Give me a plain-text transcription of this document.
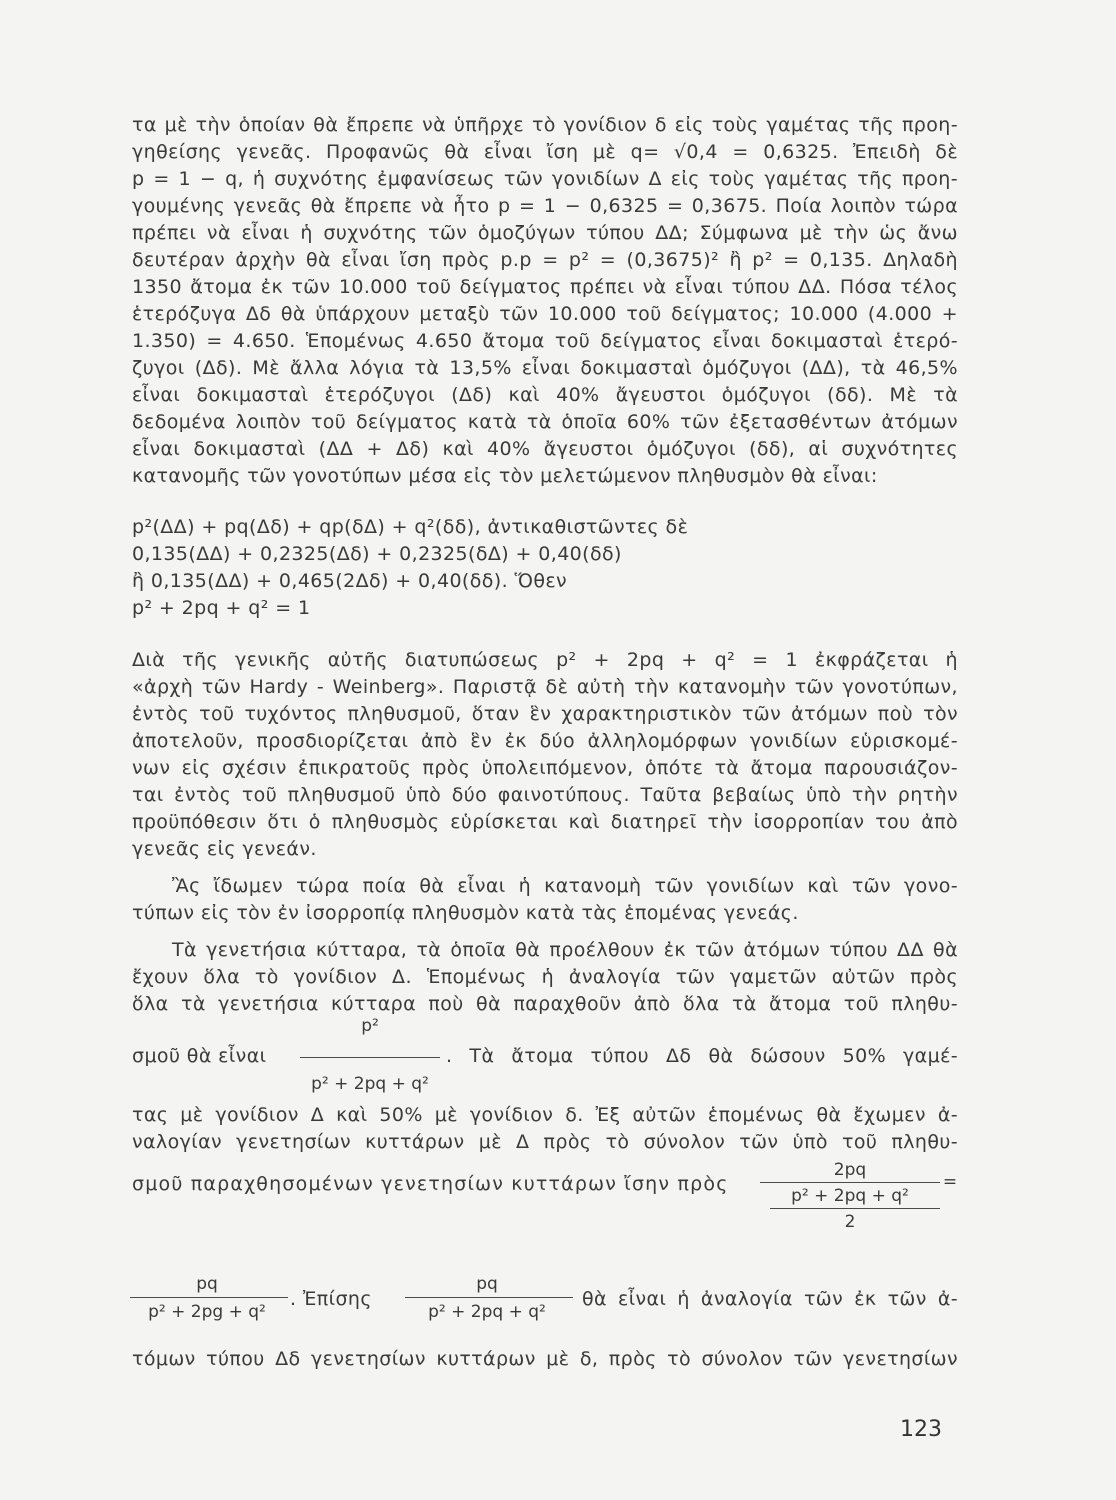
τα μὲ τὴν ὁποίαν θὰ ἔπρεπε νὰ ὑπῆρχε τὸ γονίδιον δ εἰς τοὺς γαμέτας τῆς προη-
γηθείσης γενεᾶς. Προφανῶς θὰ εἶναι ἴση μὲ q= √0,4 = 0,6325. Ἐπειδὴ δὲ
p = 1 − q, ἡ συχνότης ἐμφανίσεως τῶν γονιδίων Δ εἰς τοὺς γαμέτας τῆς προη-
γουμένης γενεᾶς θὰ ἔπρεπε νὰ ἦτο p = 1 − 0,6325 = 0,3675. Ποία λοιπὸν τώρα
πρέπει νὰ εἶναι ἡ συχνότης τῶν ὁμοζύγων τύπου ΔΔ; Σύμφωνα μὲ τὴν ὡς ἄνω
δευτέραν ἀρχὴν θὰ εἶναι ἴση πρὸς p.p = p² = (0,3675)² ἢ p² = 0,135. Δηλαδὴ
1350 ἄτομα ἐκ τῶν 10.000 τοῦ δείγματος πρέπει νὰ εἶναι τύπου ΔΔ. Πόσα τέλος
ἑτερόζυγα Δδ θὰ ὑπάρχουν μεταξὺ τῶν 10.000 τοῦ δείγματος; 10.000 (4.000 +
1.350) = 4.650. Ἑπομένως 4.650 ἄτομα τοῦ δείγματος εἶναι δοκιμασταὶ ἑτερό-
ζυγοι (Δδ). Μὲ ἄλλα λόγια τὰ 13,5% εἶναι δοκιμασταὶ ὁμόζυγοι (ΔΔ), τὰ 46,5%
εἶναι δοκιμασταὶ ἑτερόζυγοι (Δδ) καὶ 40% ἄγευστοι ὁμόζυγοι (δδ). Μὲ τὰ
δεδομένα λοιπὸν τοῦ δείγματος κατὰ τὰ ὁποῖα 60% τῶν ἐξετασθέντων ἀτόμων
εἶναι δοκιμασταὶ (ΔΔ + Δδ) καὶ 40% ἄγευστοι ὁμόζυγοι (δδ), αἱ συχνότητες
κατανομῆς τῶν γονοτύπων μέσα εἰς τὸν μελετώμενον πληθυσμὸν θὰ εἶναι:
p²(ΔΔ) + pq(Δδ) + qp(δΔ) + q²(δδ), ἀντικαθιστῶντες δὲ
0,135(ΔΔ) + 0,2325(Δδ) + 0,2325(δΔ) + 0,40(δδ)
ἢ 0,135(ΔΔ) + 0,465(2Δδ) + 0,40(δδ). Ὅθεν
p² + 2pq + q² = 1
Διὰ τῆς γενικῆς αὐτῆς διατυπώσεως p² + 2pq + q² = 1 ἐκφράζεται ἡ
«ἀρχὴ τῶν Hardy - Weinberg». Παριστᾷ δὲ αὐτὴ τὴν κατανομὴν τῶν γονοτύπων,
ἐντὸς τοῦ τυχόντος πληθυσμοῦ, ὅταν ἓν χαρακτηριστικὸν τῶν ἀτόμων ποὺ τὸν
ἀποτελοῦν, προσδιορίζεται ἀπὸ ἓν ἐκ δύο ἀλληλομόρφων γονιδίων εὑρισκομέ-
νων εἰς σχέσιν ἐπικρατοῦς πρὸς ὑπολειπόμενον, ὁπότε τὰ ἄτομα παρουσιάζον-
ται ἐντὸς τοῦ πληθυσμοῦ ὑπὸ δύο φαινοτύπους. Ταῦτα βεβαίως ὑπὸ τὴν ρητὴν
προϋπόθεσιν ὅτι ὁ πληθυσμὸς εὑρίσκεται καὶ διατηρεῖ τὴν ἰσορροπίαν του ἀπὸ
γενεᾶς εἰς γενεάν.
Ἂς ἴδωμεν τώρα ποία θὰ εἶναι ἡ κατανομὴ τῶν γονιδίων καὶ τῶν γονο-
τύπων εἰς τὸν ἐν ἰσορροπίᾳ πληθυσμὸν κατὰ τὰς ἑπομένας γενεάς.
Τὰ γενετήσια κύτταρα, τὰ ὁποῖα θὰ προέλθουν ἐκ τῶν ἀτόμων τύπου ΔΔ θὰ
ἔχουν ὅλα τὸ γονίδιον Δ. Ἑπομένως ἡ ἀναλογία τῶν γαμετῶν αὐτῶν πρὸς
ὅλα τὰ γενετήσια κύτταρα ποὺ θὰ παραχθοῦν ἀπὸ ὅλα τὰ ἄτομα τοῦ πληθυ-
p²
σμοῦ θὰ εἶναι	. Τὰ ἄτομα τύπου Δδ θὰ δώσουν 50% γαμέ-
p² + 2pq + q²
τας μὲ γονίδιον Δ καὶ 50% μὲ γονίδιον δ. Ἐξ αὐτῶν ἑπομένως θὰ ἔχωμεν ἀ-
ναλογίαν γενετησίων κυττάρων μὲ Δ πρὸς τὸ σύνολον τῶν ὑπὸ τοῦ πληθυ-
σμοῦ παραχθησομένων γενετησίων κυττάρων ἴσην πρὸς
2pq
=
p² + 2pq + q²
2
pq
p² + 2pg + q²
. Ἐπίσης
pq
p² + 2pq + q²
θὰ εἶναι ἡ ἀναλογία τῶν ἐκ τῶν ἀ-
τόμων τύπου Δδ γενετησίων κυττάρων μὲ δ, πρὸς τὸ σύνολον τῶν γενετησίων
123
